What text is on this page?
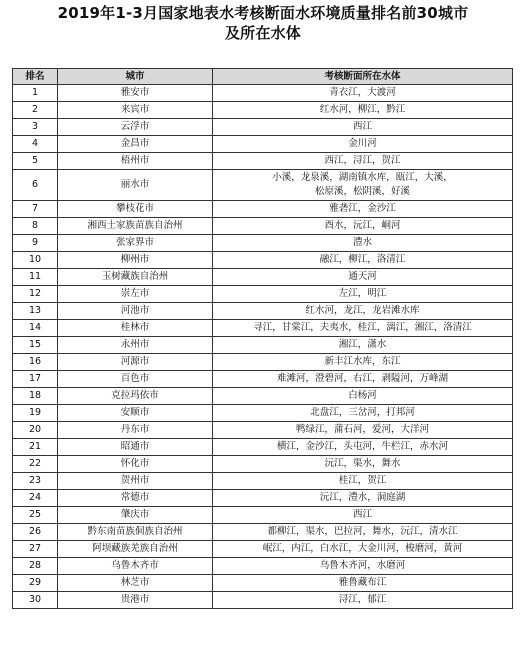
2019年1-3月国家地表水考核断面水环境质量排名前30城市
及所在水体
排名	城市	考核断面所在水体
1	雅安市	青衣江，大渡河
2	来宾市	红水河，柳江，黔江
3	云浮市	西江
4	金昌市	金川河
5	梧州市	西江，浔江，贺江
6	丽水市	小溪，龙泉溪，湖南镇水库，瓯江，大溪，
松原溪，松阴溪，好溪
7	攀枝花市	雅砻江，金沙江
8	湘西土家族苗族自治州	酉水，沅江，峒河
9	张家界市	澧水
10	柳州市	融江，柳江，洛清江
11	玉树藏族自治州	通天河
12	崇左市	左江，明江
13	河池市	红水河，龙江，龙岩滩水库
14	桂林市	寻江，甘棠江，夫夷水，桂江，漓江，湘江，洛清江
15	永州市	湘江，潇水
16	河源市	新丰江水库，东江
17	百色市	难滩河，澄碧河，右江，剥隘河，万峰湖
18	克拉玛依市	白杨河
19	安顺市	北盘江，三岔河，打邦河
20	丹东市	鸭绿江，蒲石河，爱河，大洋河
21	昭通市	横江，金沙江，头屯河，牛栏江，赤水河
22	怀化市	沅江，渠水，舞水
23	贺州市	桂江，贺江
24	常德市	沅江，澧水，洞庭湖
25	肇庆市	西江
26	黔东南苗族侗族自治州	都柳江，渠水，巴拉河，舞水，沅江，清水江
27	阿坝藏族羌族自治州	岷江，内江，白水江，大金川河，梭磨河，黄河
28	乌鲁木齐市	乌鲁木齐河，水磨河
29	林芝市	雅鲁藏布江
30	贵港市	浔江，郁江
